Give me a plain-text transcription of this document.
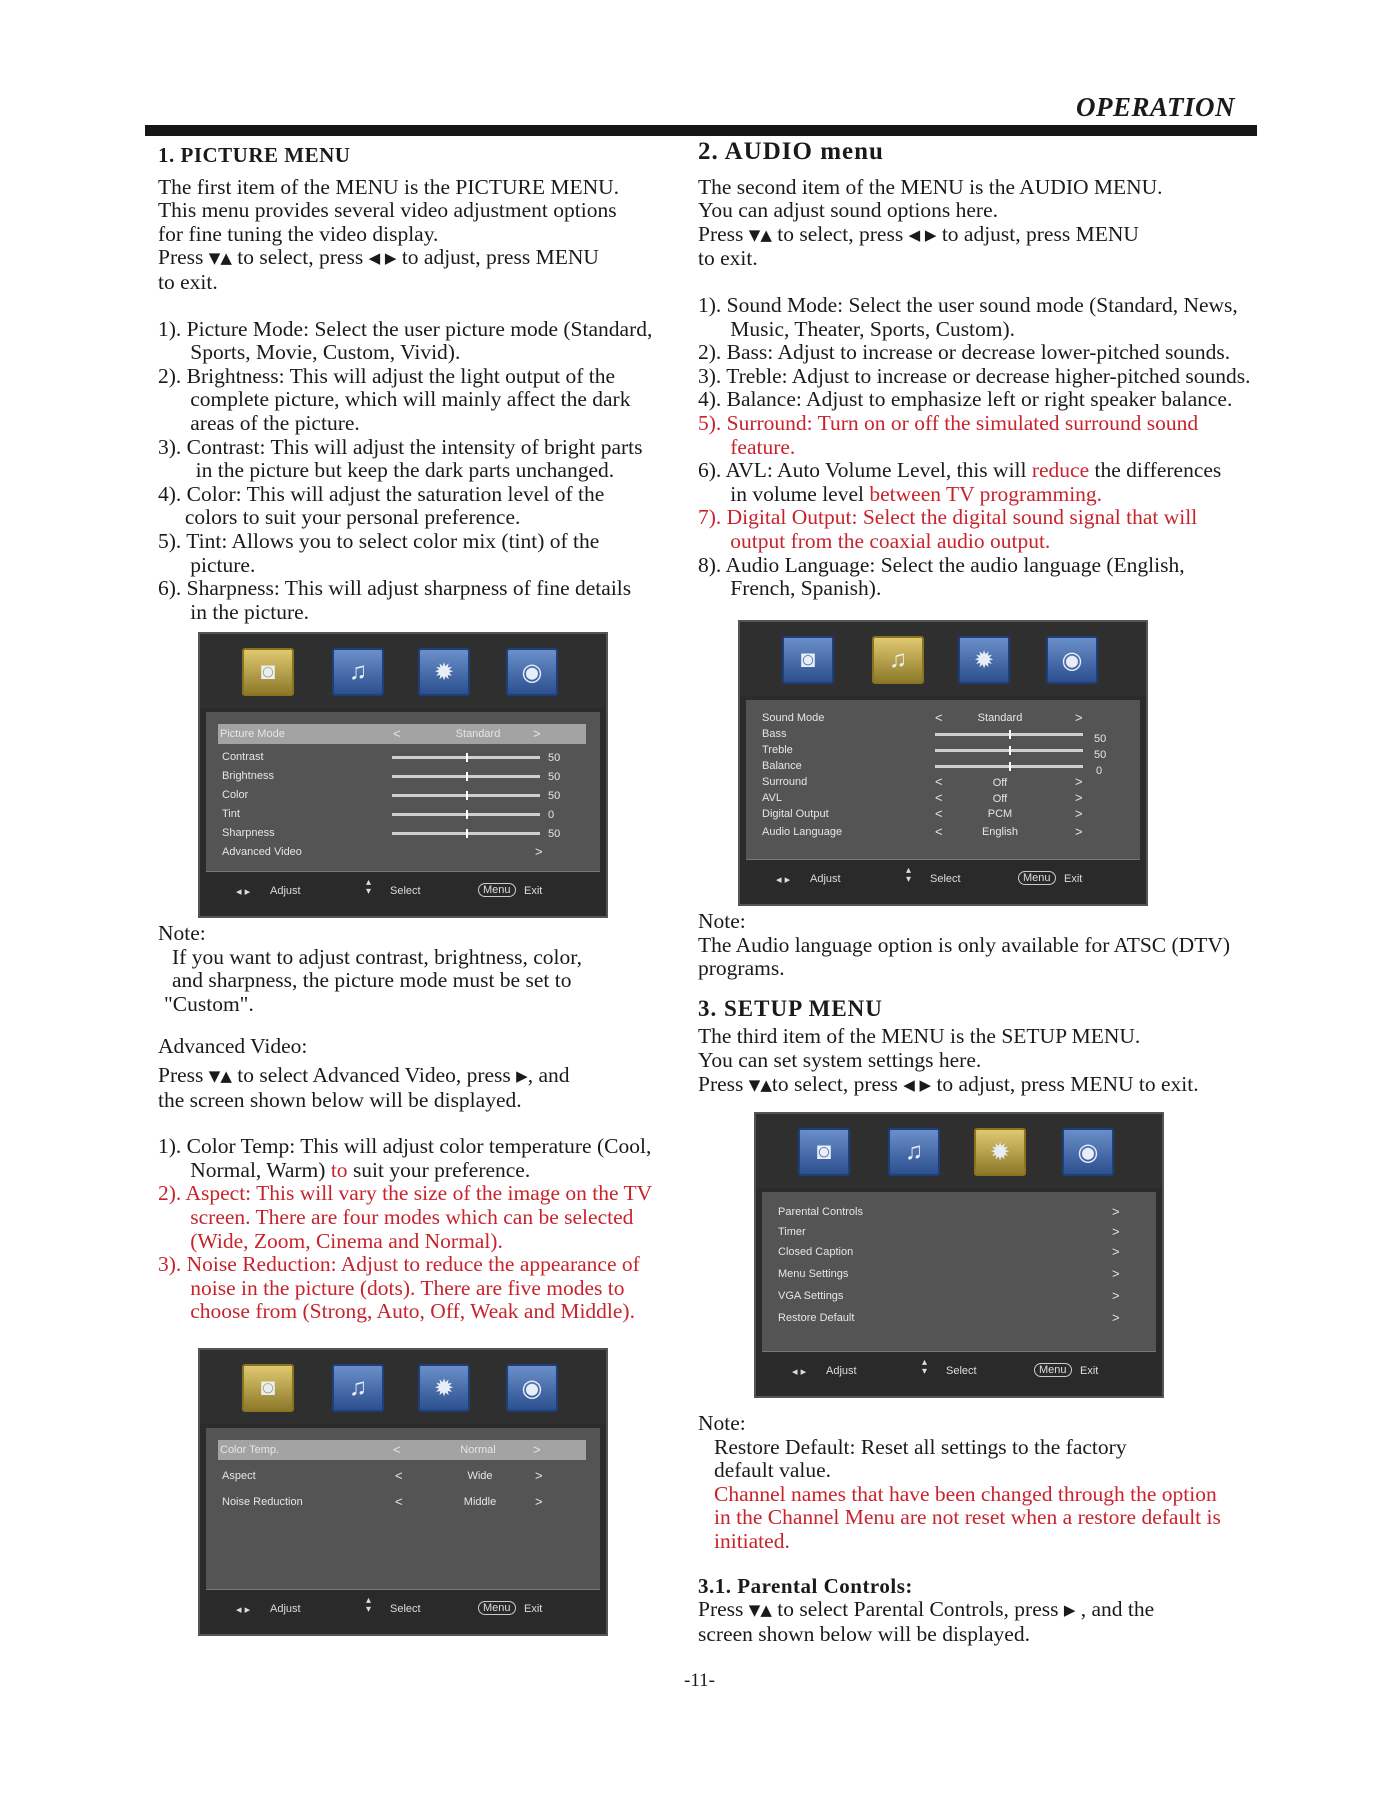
OPERATION

1. PICTURE MENU

The first item of the MENU is the PICTURE MENU.

This menu provides several video adjustment options

for fine tuning the video display.

Press ▼▲ to select, press ◀ ▶ to adjust, press MENU

to exit.

1). Picture Mode: Select the user picture mode (Standard,
Sports, Movie, Custom, Vivid).

2). Brightness: This will adjust the light output of the
complete picture, which will mainly affect the dark
areas of the picture.

3). Contrast: This will adjust the intensity of bright parts
in the picture but keep the dark parts unchanged.

4). Color: This will adjust the saturation level of the
colors to suit your personal preference.

5). Tint: Allows you to select color mix (tint) of the
picture.

6). Sharpness: This will adjust sharpness of fine details
in the picture.

◙	♫	✹	◉
Picture Mode	<	Standard	>
Contrast	50
Brightness	50
Color	50
Tint	0
Sharpness	50
Advanced Video	>
◂ ▸ Adjust
▴
▾ Select	Menu	Exit

Note:

If you want to adjust contrast, brightness, color,

and sharpness, the picture mode must be set to

"Custom".

Advanced Video:

Press ▼▲ to select Advanced Video, press ▶, and

the screen shown below will be displayed.

1). Color Temp: This will adjust color temperature (Cool,
Normal, Warm) to suit your preference.

2). Aspect: This will vary the size of the image on the TV
screen. There are four modes which can be selected
(Wide, Zoom, Cinema and Normal).

3). Noise Reduction: Adjust to reduce the appearance of
noise in the picture (dots). There are five modes to
choose from (Strong, Auto, Off, Weak and Middle).

◙	♫	✹	◉
Color Temp.	<	Normal	>
Aspect	<	Wide	>
Noise Reduction	<	Middle	>
◂ ▸ Adjust
▴
▾ Select	Menu	Exit

2. AUDIO menu

The second item of the MENU is the AUDIO MENU.

You can adjust sound options here.

Press ▼▲ to select, press ◀ ▶ to adjust, press MENU

to exit.

1). Sound Mode: Select the user sound mode (Standard, News,
Music, Theater, Sports, Custom).

2). Bass: Adjust to increase or decrease lower-pitched sounds.

3). Treble: Adjust to increase or decrease higher-pitched sounds.

4). Balance: Adjust to emphasize left or right speaker balance.

5). Surround: Turn on or off the simulated surround sound
feature.

6). AVL: Auto Volume Level, this will reduce the differences
in volume level between TV programming.

7). Digital Output: Select the digital sound signal that will
output from the coaxial audio output.

8). Audio Language: Select the audio language (English,
French, Spanish).

◙	♫	✹	◉
Sound Mode	<	Standard	>
Bass	50
Treble	50
Balance	0
Surround	<	Off	>
AVL	<	Off	>
Digital Output	<	PCM	>
Audio Language	<	English	>
◂ ▸ Adjust
▴
▾ Select	Menu	Exit

Note:

The Audio language option is only available for ATSC (DTV)

programs.

3. SETUP MENU

The third item of the MENU is the SETUP MENU.

You can set system settings here.

Press ▼▲to select, press ◀ ▶ to adjust, press MENU to exit.

◙	♫	✹	◉
Parental Controls	>
Timer	>
Closed Caption	>
Menu Settings	>
VGA Settings	>
Restore Default	>
◂ ▸ Adjust
▴
▾ Select	Menu	Exit

Note:

Restore Default: Reset all settings to the factory

default value.

Channel names that have been changed through the option

in the Channel Menu are not reset when a restore default is

initiated.

3.1. Parental Controls:

Press ▼▲ to select Parental Controls, press ▶ , and the

screen shown below will be displayed.

-11-
